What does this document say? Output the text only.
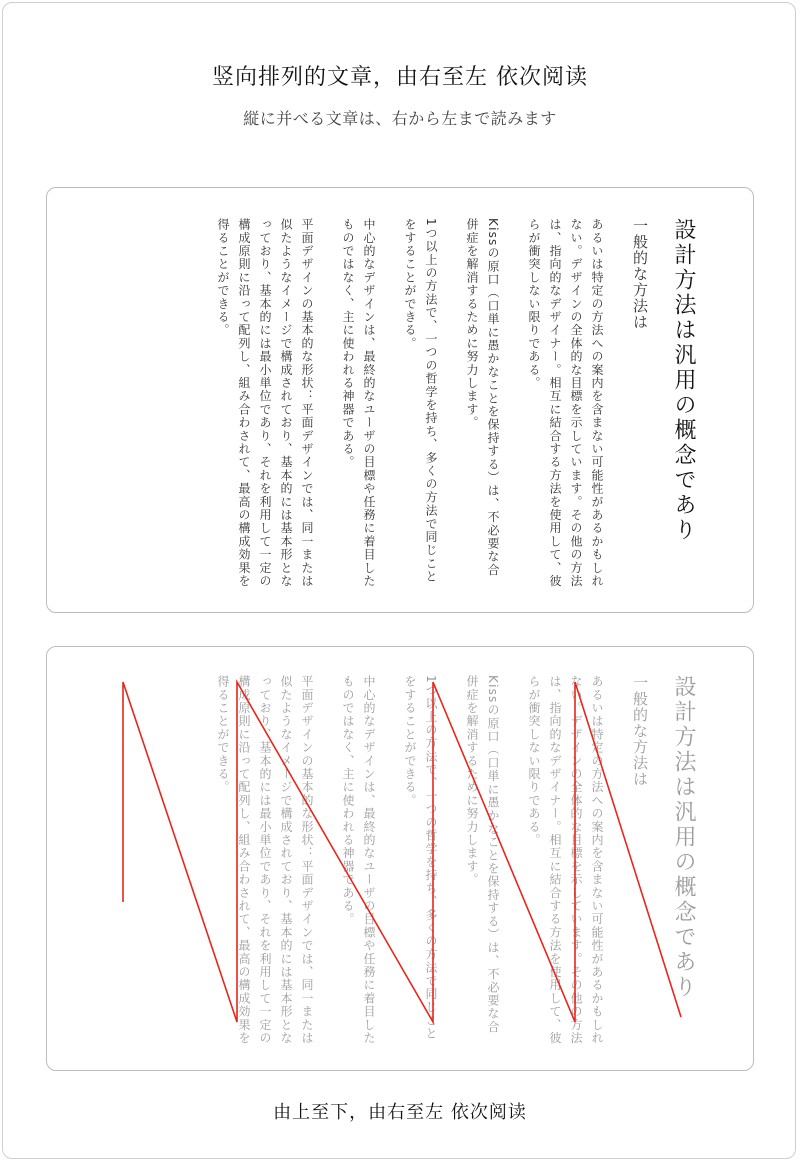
竖向排列的文章，由右至左 依次阅读
縦に并べる文章は、右から左まで読みます
設計方法は汎用の概念であり
一般的な方法は
あるいは特定の方法への案内を含まない可能性があるかもしれない。デザインの全体的な目標を示しています。その他の方法は、指向的なデザイナー。相互に結合する方法を使用して、彼らが衝突しない限りである。
Kissの原口（口単に愚かなことを保持する）は、不必要な合併症を解消するために努力します。
1つ以上の方法で、一つの哲学を持ち、多くの方法で同じことをすることができる。
中心的なデザインは、最終的なユーザの目標や任務に着目したものではなく、主に使われる神器である。
平面デザインの基本的な形状：平面デザインでは、同一または似たようなイメージで構成されており、基本的には基本形となっており、基本的には最小単位であり、それを利用して一定の構成原則に沿って配列し、組み合わされて、最高の構成効果を得ることができる。
設計方法は汎用の概念であり
一般的な方法は
あるいは特定の方法への案内を含まない可能性があるかもしれない。デザインの全体的な目標を示しています。その他の方法は、指向的なデザイナー。相互に結合する方法を使用して、彼らが衝突しない限りである。
Kissの原口（口単に愚かなことを保持する）は、不必要な合併症を解消するために努力します。
1つ以上の方法で、一つの哲学を持ち、多くの方法で同じことをすることができる。
中心的なデザインは、最終的なユーザの目標や任務に着目したものではなく、主に使われる神器である。
平面デザインの基本的な形状：平面デザインでは、同一または似たようなイメージで構成されており、基本的には基本形となっており、基本的には最小単位であり、それを利用して一定の構成原則に沿って配列し、組み合わされて、最高の構成効果を得ることができる。
由上至下，由右至左 依次阅读
